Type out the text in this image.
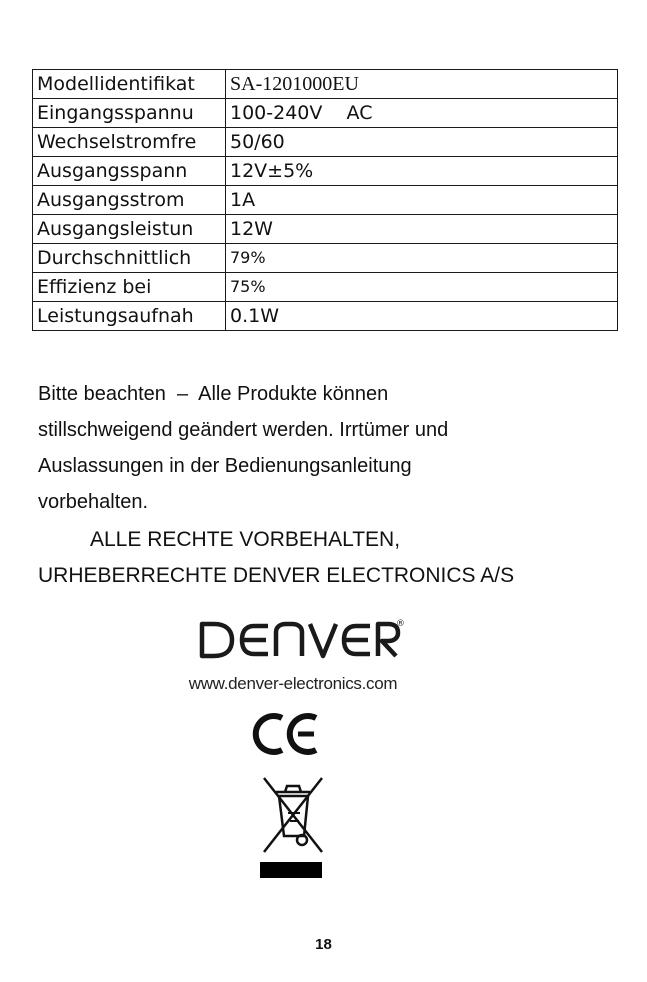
Modellidentifikat	SA-1201000EU
Eingangsspannu	100-240V    AC
Wechselstromfre	50/60
Ausgangsspann	12V±5%
Ausgangsstrom	1A
Ausgangsleistun	12W
Durchschnittlich	79%
Effizienz bei	75%
Leistungsaufnah	0.1W

Bitte beachten  –  Alle Produkte können

stillschweigend geändert werden. Irrtümer und

Auslassungen in der Bedienungsanleitung

vorbehalten.

ALLE RECHTE VORBEHALTEN,

URHEBERRECHTE DENVER ELECTRONICS A/S

®
www.denver-electronics.com
18
